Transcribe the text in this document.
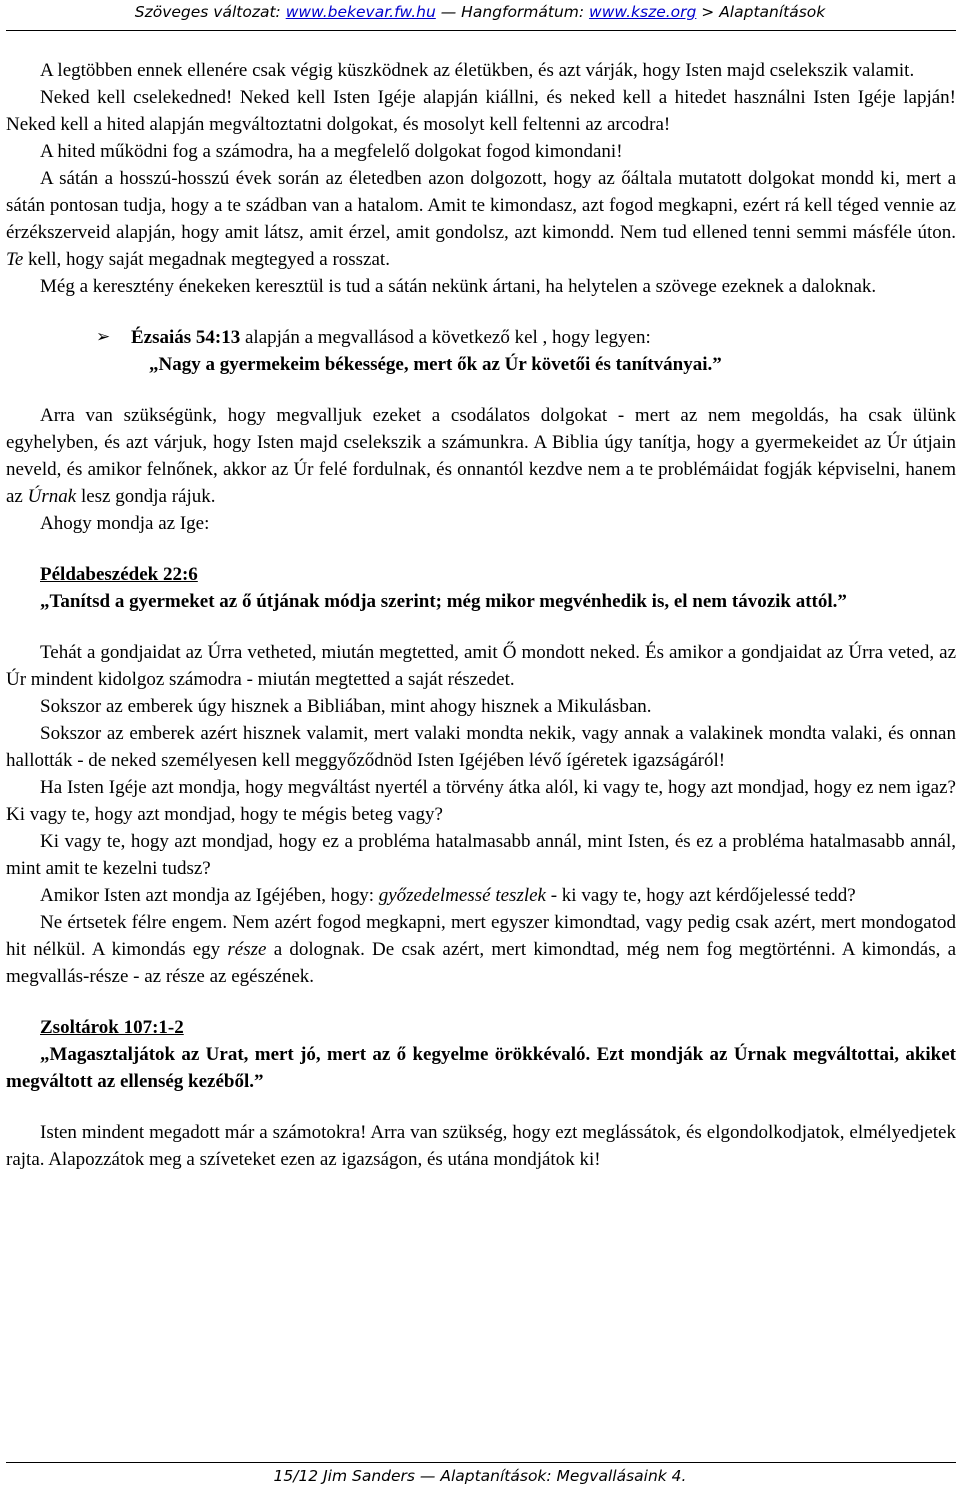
Szöveges változat: www.bekevar.fw.hu — Hangformátum: www.ksze.org > Alaptanítások

A legtöbben ennek ellenére csak végig küszködnek az életükben, és azt várják, hogy Isten majd cselekszik valamit.

Neked kell cselekedned! Neked kell Isten Igéje alapján kiállni, és neked kell a hitedet használni Isten Igéje lapján! Neked kell a hited alapján megváltoztatni dolgokat, és mosolyt kell feltenni az arcodra!

A hited működni fog a számodra, ha a megfelelő dolgokat fogod kimondani!

A sátán a hosszú-hosszú évek során az életedben azon dolgozott, hogy az őáltala mutatott dolgokat mondd ki, mert a sátán pontosan tudja, hogy a te szádban van a hatalom. Amit te kimondasz, azt fogod megkapni, ezért rá kell téged vennie az érzékszerveid alapján, hogy amit látsz, amit érzel, amit gondolsz, azt kimondd. Nem tud ellened tenni semmi másféle úton. Te kell, hogy saját megadnak megtegyed a rosszat.

Még a keresztény énekeken keresztül is tud a sátán nekünk ártani, ha helytelen a szövege ezeknek a daloknak.

➢ Ézsaiás 54:13 alapján a megvallásod a következő kel , hogy legyen:

„Nagy a gyermekeim békessége, mert ők az Úr követői és tanítványai.”

Arra van szükségünk, hogy megvalljuk ezeket a csodálatos dolgokat - mert az nem megoldás, ha csak ülünk egyhelyben, és azt várjuk, hogy Isten majd cselekszik a számunkra. A Biblia úgy tanítja, hogy a gyermekeidet az Úr útjain neveld, és amikor felnőnek, akkor az Úr felé fordulnak, és onnantól kezdve nem a te problémáidat fogják képviselni, hanem az Úrnak lesz gondja rájuk.

Ahogy mondja az Ige:

Példabeszédek 22:6

„Tanítsd a gyermeket az ő útjának módja szerint; még mikor megvénhedik is, el nem távozik attól.”

Tehát a gondjaidat az Úrra vetheted, miután megtetted, amit Ő mondott neked. És amikor a gondjaidat az Úrra veted, az Úr mindent kidolgoz számodra - miután megtetted a saját részedet.

Sokszor az emberek úgy hisznek a Bibliában, mint ahogy hisznek a Mikulásban.

Sokszor az emberek azért hisznek valamit, mert valaki mondta nekik, vagy annak a valakinek mondta valaki, és onnan hallották - de neked személyesen kell meggyőződnöd Isten Igéjében lévő ígéretek igazságáról!

Ha Isten Igéje azt mondja, hogy megváltást nyertél a törvény átka alól, ki vagy te, hogy azt mondjad, hogy ez nem igaz? Ki vagy te, hogy azt mondjad, hogy te mégis beteg vagy?

Ki vagy te, hogy azt mondjad, hogy ez a probléma hatalmasabb annál, mint Isten, és ez a probléma hatalmasabb annál, mint amit te kezelni tudsz?

Amikor Isten azt mondja az Igéjében, hogy: győzedelmessé teszlek - ki vagy te, hogy azt kérdőjelessé tedd?

Ne értsetek félre engem. Nem azért fogod megkapni, mert egyszer kimondtad, vagy pedig csak azért, mert mondogatod hit nélkül. A kimondás egy része a dolognak. De csak azért, mert kimondtad, még nem fog megtörténni. A kimondás, a megvallás-része - az része az egészének.

Zsoltárok 107:1-2

„Magasztaljátok az Urat, mert jó, mert az ő kegyelme örökkévaló. Ezt mondják az Úrnak megváltottai, akiket megváltott az ellenség kezéből.”

Isten mindent megadott már a számotokra! Arra van szükség, hogy ezt meglássátok, és elgondolkodjatok, elmélyedjetek rajta. Alapozzátok meg a szíveteket ezen az igazságon, és utána mondjátok ki!

15/12 Jim Sanders — Alaptanítások: Megvallásaink 4.
